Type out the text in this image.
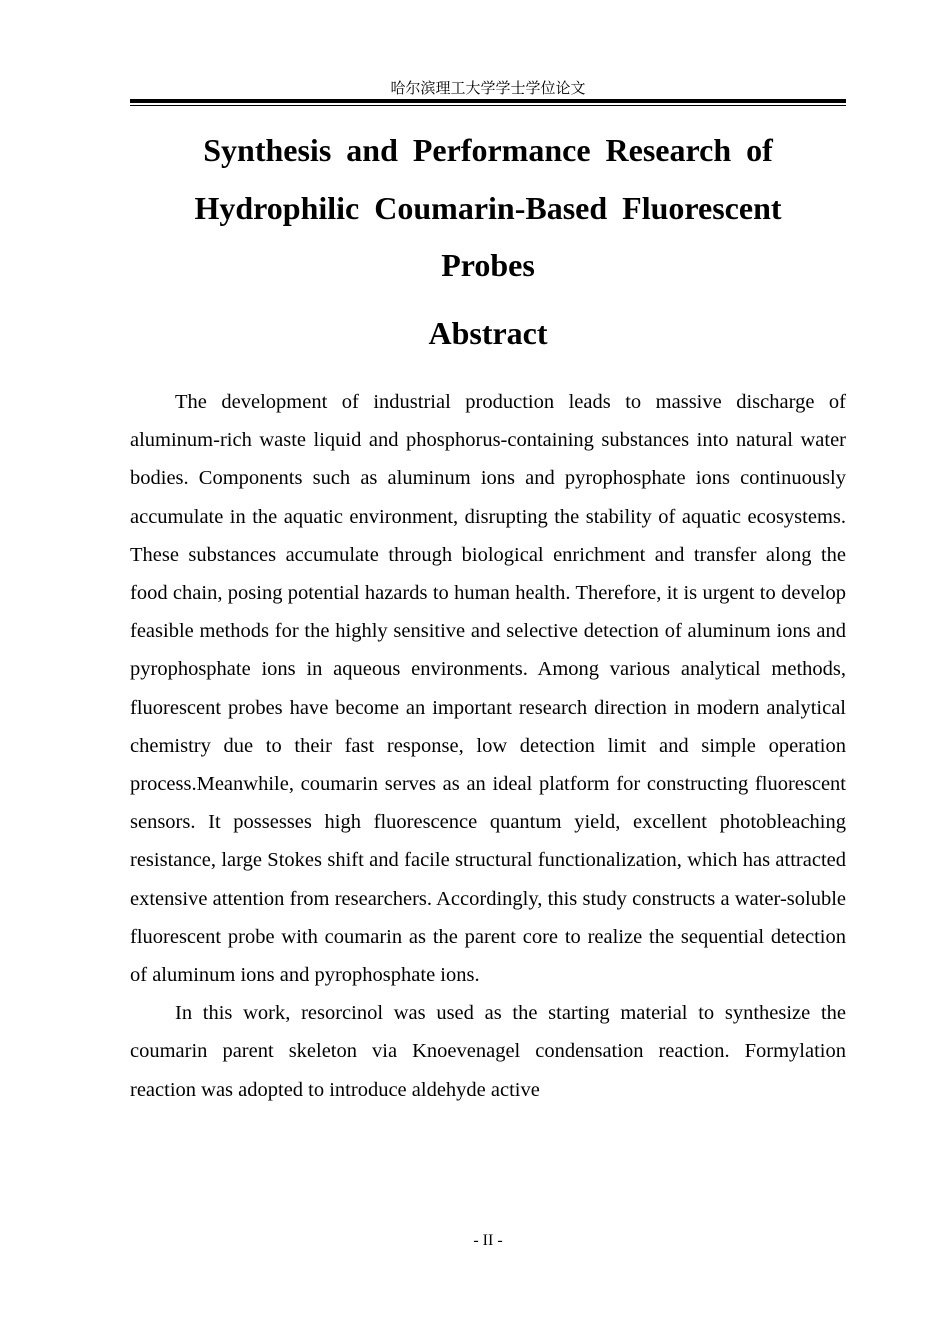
哈尔滨理工大学学士学位论文
Synthesis and Performance Research of Hydrophilic Coumarin-Based Fluorescent Probes
Abstract

The development of industrial production leads to massive discharge of aluminum-rich waste liquid and phosphorus-containing substances into natural water bodies. Components such as aluminum ions and pyrophosphate ions continuously accumulate in the aquatic environment, disrupting the stability of aquatic ecosystems. These substances accumulate through biological enrichment and transfer along the food chain, posing potential hazards to human health. Therefore, it is urgent to develop feasible methods for the highly sensitive and selective detection of aluminum ions and pyrophosphate ions in aqueous environments. Among various analytical methods, fluorescent probes have become an important research direction in modern analytical chemistry due to their fast response, low detection limit and simple operation process.Meanwhile, coumarin serves as an ideal platform for constructing fluorescent sensors. It possesses high fluorescence quantum yield, excellent photobleaching resistance, large Stokes shift and facile structural functionalization, which has attracted extensive attention from researchers. Accordingly, this study constructs a water-soluble fluorescent probe with coumarin as the parent core to realize the sequential detection of aluminum ions and pyrophosphate ions.

In this work, resorcinol was used as the starting material to synthesize the coumarin parent skeleton via Knoevenagel condensation reaction. Formylation reaction was adopted to introduce aldehyde active

- II -
